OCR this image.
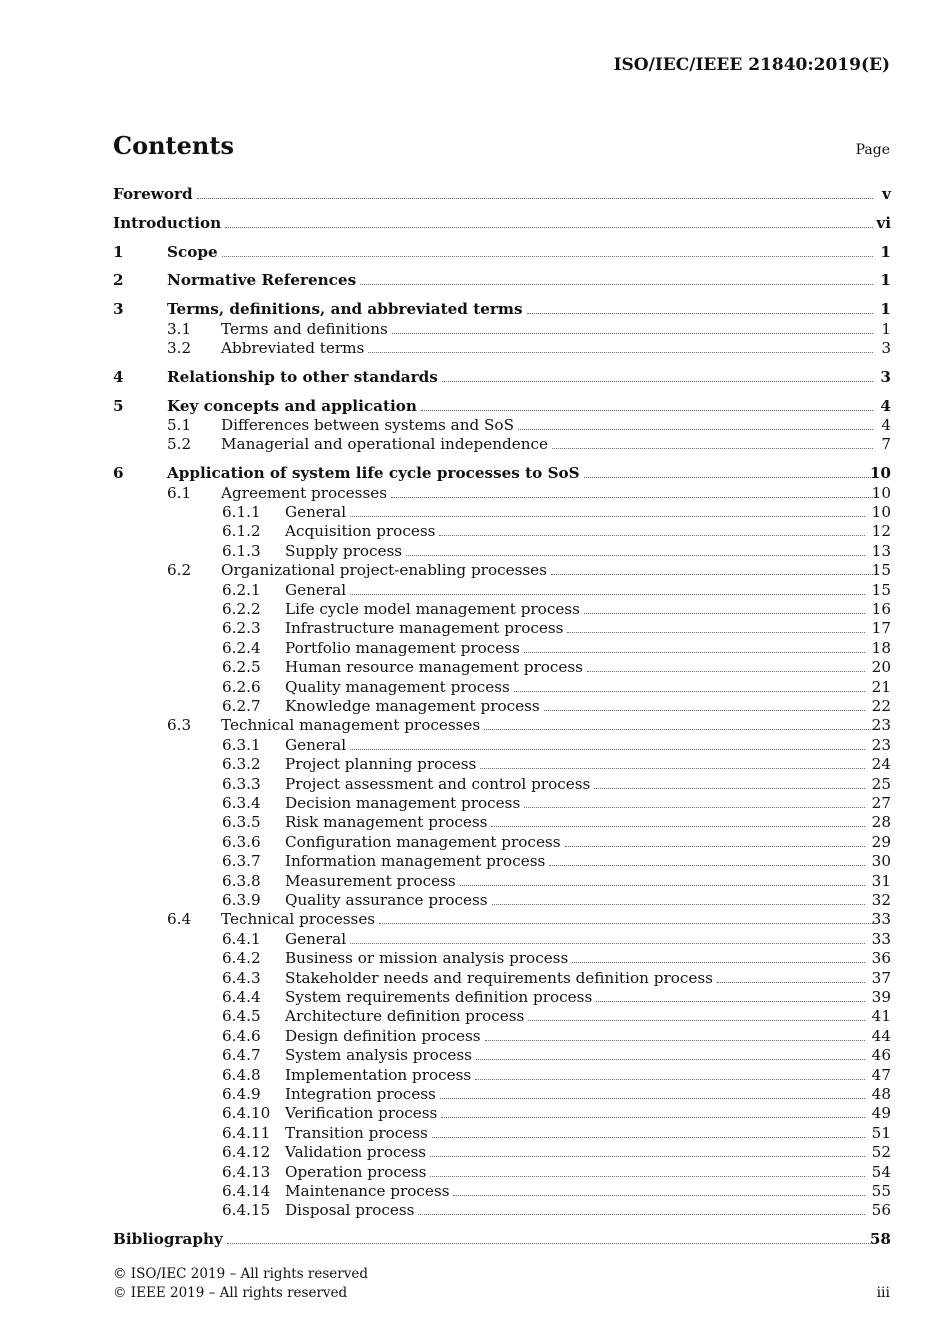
ISO/IEC/IEEE 21840:2019(E)
Contents	Page
Foreword	v
Introduction	vi
1	Scope	1
2	Normative References	1
3	Terms, definitions, and abbreviated terms	1
3.1 Terms and definitions	1
3.2 Abbreviated terms	3
4	Relationship to other standards	3
5	Key concepts and application	4
5.1 Differences between systems and SoS	4
5.2 Managerial and operational independence	7
6	Application of system life cycle processes to SoS	10
6.1 Agreement processes	10
6.1.1 General	10
6.1.2 Acquisition process	12
6.1.3 Supply process	13
6.2 Organizational project-enabling processes	15
6.2.1 General	15
6.2.2 Life cycle model management process	16
6.2.3 Infrastructure management process	17
6.2.4 Portfolio management process	18
6.2.5 Human resource management process	20
6.2.6 Quality management process	21
6.2.7 Knowledge management process	22
6.3 Technical management processes	23
6.3.1 General	23
6.3.2 Project planning process	24
6.3.3 Project assessment and control process	25
6.3.4 Decision management process	27
6.3.5 Risk management process	28
6.3.6 Configuration management process	29
6.3.7 Information management process	30
6.3.8 Measurement process	31
6.3.9 Quality assurance process	32
6.4 Technical processes	33
6.4.1 General	33
6.4.2 Business or mission analysis process	36
6.4.3 Stakeholder needs and requirements definition process	37
6.4.4 System requirements definition process	39
6.4.5 Architecture definition process	41
6.4.6 Design definition process	44
6.4.7 System analysis process	46
6.4.8 Implementation process	47
6.4.9 Integration process	48
6.4.10 Verification process	49
6.4.11 Transition process	51
6.4.12 Validation process	52
6.4.13 Operation process	54
6.4.14 Maintenance process	55
6.4.15 Disposal process	56
Bibliography	58
© ISO/IEC 2019 – All rights reserved
© IEEE 2019 – All rights reserved	iii
